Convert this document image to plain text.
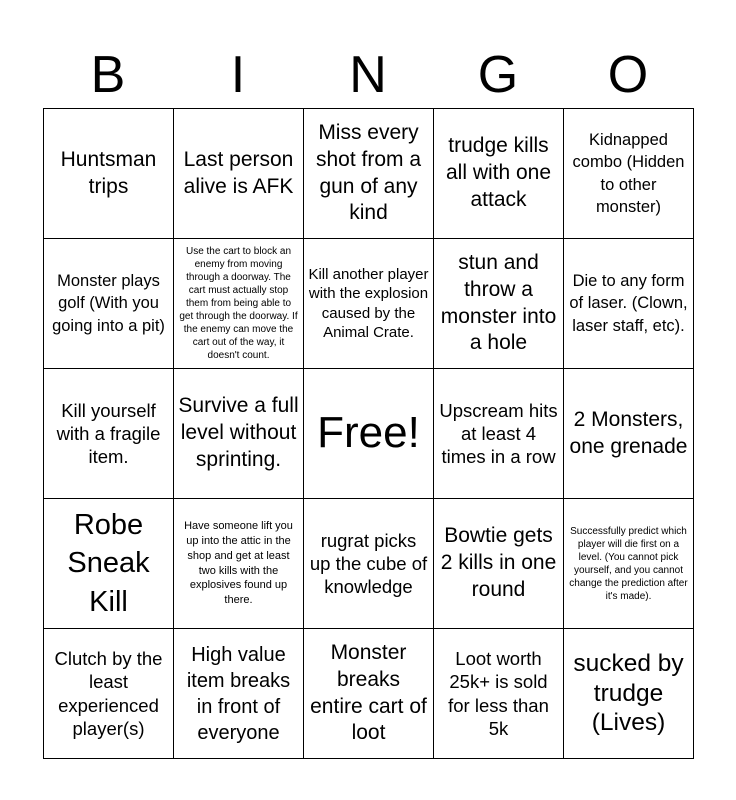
B	I	N	G	O
Huntsman trips	Last person alive is AFK	Miss every shot from a gun of any kind	trudge kills all with one attack	Kidnapped combo (Hidden to other monster)

Monster plays golf (With you going into a pit)	Use the cart to block an enemy from moving through a doorway. The cart must actually stop them from being able to get through the doorway. If the enemy can move the cart out of the way, it doesn't count.	Kill another player with the explosion caused by the Animal Crate.	stun and throw a monster into a hole	Die to any form of laser. (Clown, laser staff, etc).

Kill yourself with a fragile item.	Survive a full level without sprinting.	Free!	Upscream hits at least 4 times in a row	2 Monsters, one grenade

Robe Sneak Kill	Have someone lift you up into the attic in the shop and get at least two kills with the explosives found up there.	rugrat picks up the cube of knowledge	Bowtie gets 2 kills in one round	Successfully predict which player will die first on a level. (You cannot pick yourself, and you cannot change the prediction after it's made).

Clutch by the least experienced player(s)	High value item breaks in front of everyone	Monster breaks entire cart of loot	Loot worth 25k+ is sold for less than 5k	sucked by trudge (Lives)
